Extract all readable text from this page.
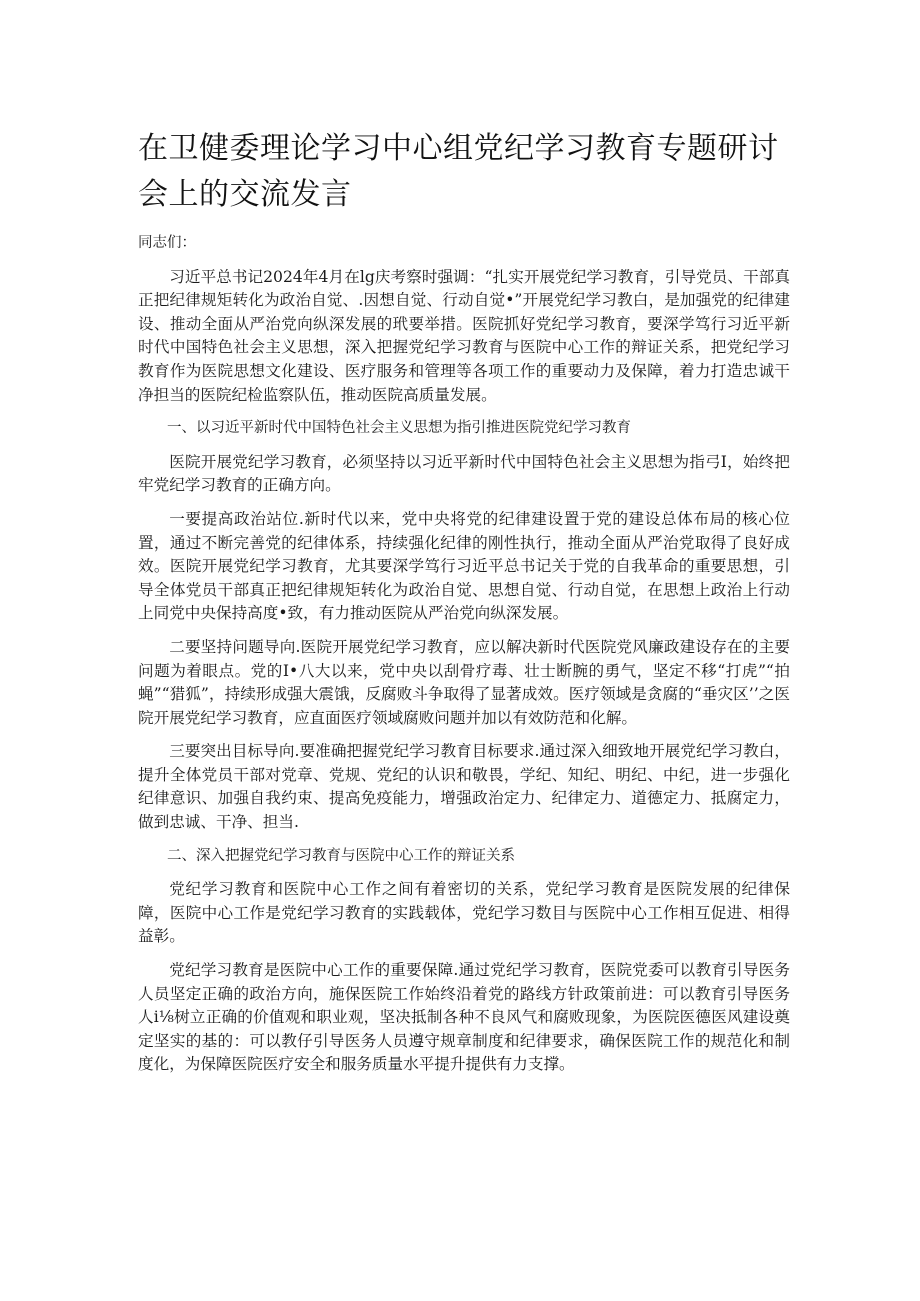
在卫健委理论学习中心组党纪学习教育专题研讨会上的交流发言

同志们：

习近平总书记2024年4月在lg庆考察时强调：“扎实开展党纪学习教育，引导党员、干部真正把纪律规矩转化为政治自觉、.因想自觉、行动自觉•”开展党纪学习教白，是加强党的纪律建设、推动全面从严治党向纵深发展的玳要举措。医院抓好党纪学习教育，要深学笃行习近平新时代中国特色社会主义思想，深入把握党纪学习教育与医院中心工作的辩证关系，把党纪学习教育作为医院思想文化建设、医疗服务和管理等各项工作的重要动力及保障，着力打造忠诚干净担当的医院纪检监察队伍，推动医院高质量发展。

一、以习近平新时代中国特色社会主义思想为指引推进医院党纪学习教育

医院开展党纪学习教育，必须坚持以习近平新时代中国特色社会主义思想为指弓I，始终把牢党纪学习教育的正确方向。

一要提高政治站位.新时代以来，党中央将党的纪律建设置于党的建设总体布局的核心位置，通过不断完善党的纪律体系，持续强化纪律的刚性执行，推动全面从严治党取得了良好成效。医院开展党纪学习教育，尤其要深学笃行习近平总书记关于党的自我革命的重要思想，引导全体党员干部真正把纪律规矩转化为政治自觉、思想自觉、行动自觉，在思想上政治上行动上同党中央保持高度•致，有力推动医院从严治党向纵深发展。

二要坚持问题导向.医院开展党纪学习教育，应以解决新时代医院党风廉政建设存在的主要问题为着眼点。党的I•八大以来，党中央以刮骨疗毒、壮士断腕的勇气，坚定不移“打虎”“拍蝇”“猎狐”，持续形成强大震饿，反腐败斗争取得了显著成效。医疗领域是贪腐的“垂灾区’’之医院开展党纪学习教育，应直面医疗领域腐败问题并加以有效防范和化解。

三要突出目标导向.要准确把握党纪学习教育目标要求.通过深入细致地开展党纪学习教白，提升全体党员干部对党章、党规、党纪的认识和敬畏，学纪、知纪、明纪、中纪，进一步强化纪律意识、加强自我约束、提高免疫能力，增强政治定力、纪律定力、道德定力、抵腐定力，做到忠诚、干净、担当.

二、深入把握党纪学习教育与医院中心工作的辩证关系

党纪学习教育和医院中心工作之间有着密切的关系，党纪学习教育是医院发展的纪律保障，医院中心工作是党纪学习教育的实践载体，党纪学习数目与医院中心工作相互促进、相得益彰。

党纪学习教育是医院中心工作的重要保障.通过党纪学习教育，医院党委可以教育引导医务人员坚定正确的政治方向，施保医院工作始终沿着党的路线方针政策前进：可以教育引导医务人i⅛树立正确的价值观和职业观，坚决抵制各种不良风气和腐败现象，为医院医德医风建设奠定坚实的基的：可以教仔引导医务人员遵守规章制度和纪律要求，确保医院工作的规范化和制度化，为保障医院医疗安全和服务质量水平提升提供有力支撑。
